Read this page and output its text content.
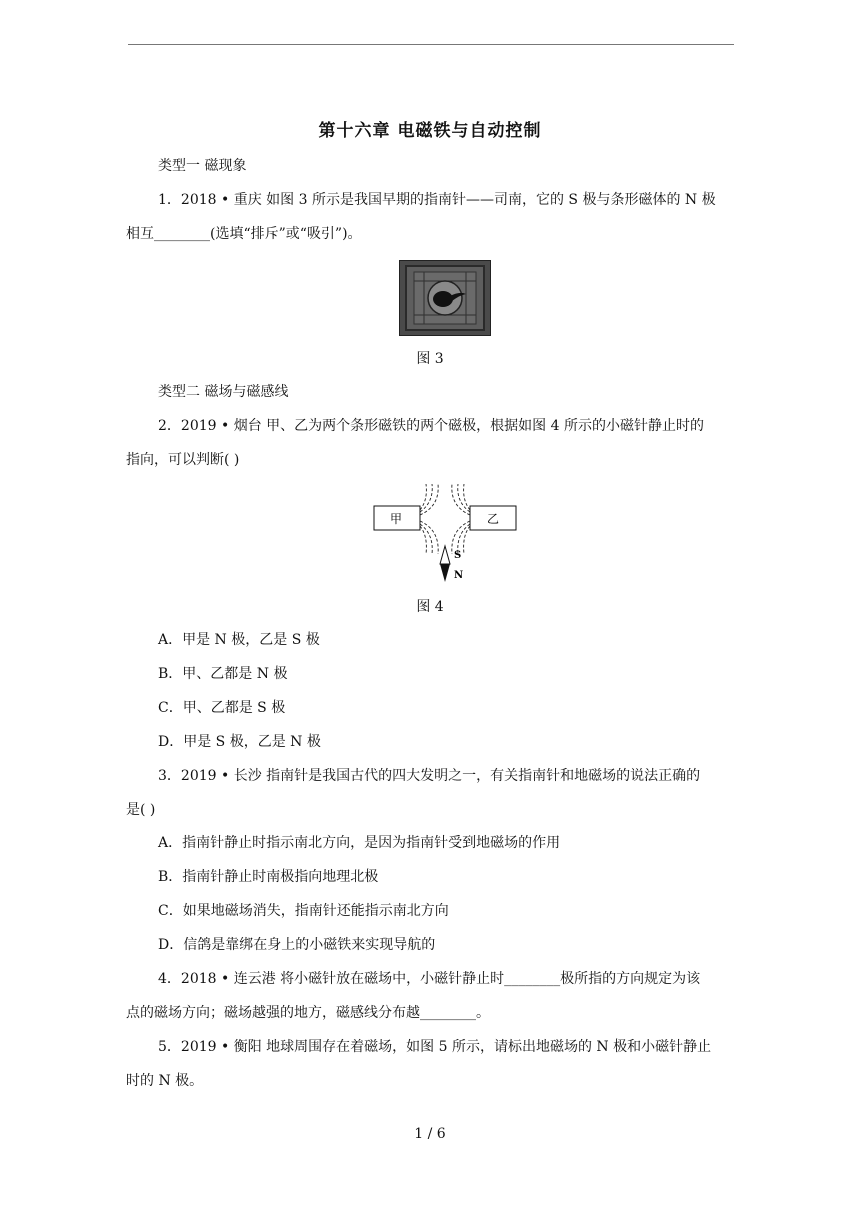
第十六章 电磁铁与自动控制
类型一 磁现象
1．2018 • 重庆 如图 3 所示是我国早期的指南针——司南，它的 S 极与条形磁体的 N 极
相互________(选填“排斥”或“吸引”)。
图 3
类型二 磁场与磁感线
2．2019 • 烟台 甲、乙为两个条形磁铁的两个磁极，根据如图 4 所示的小磁针静止时的
指向，可以判断( )
甲	乙
S
N
图 4
A．甲是 N 极，乙是 S 极
B．甲、乙都是 N 极
C．甲、乙都是 S 极
D．甲是 S 极，乙是 N 极
3．2019 • 长沙 指南针是我国古代的四大发明之一，有关指南针和地磁场的说法正确的
是( )
A．指南针静止时指示南北方向，是因为指南针受到地磁场的作用
B．指南针静止时南极指向地理北极
C．如果地磁场消失，指南针还能指示南北方向
D．信鸽是靠绑在身上的小磁铁来实现导航的
4．2018 • 连云港 将小磁针放在磁场中，小磁针静止时________极所指的方向规定为该
点的磁场方向；磁场越强的地方，磁感线分布越________。
5．2019 • 衡阳 地球周围存在着磁场，如图 5 所示，请标出地磁场的 N 极和小磁针静止
时的 N 极。
1 / 6
